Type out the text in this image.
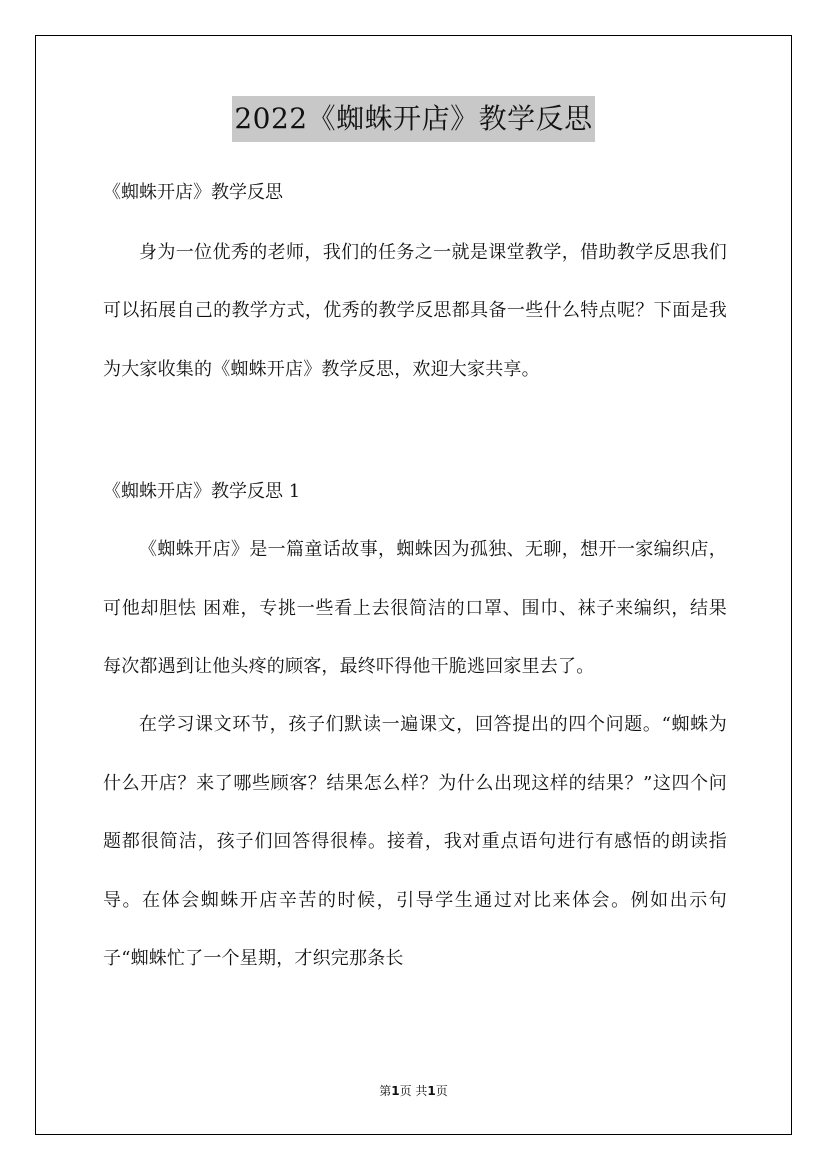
2022《蜘蛛开店》教学反思

《蜘蛛开店》教学反思

身为一位优秀的老师，我们的任务之一就是课堂教学，借助教学反思我们可以拓展自己的教学方式，优秀的教学反思都具备一些什么特点呢？下面是我为大家收集的《蜘蛛开店》教学反思，欢迎大家共享。

《蜘蛛开店》教学反思 1

《蜘蛛开店》是一篇童话故事，蜘蛛因为孤独、无聊，想开一家编织店，可他却胆怯 困难，专挑一些看上去很简洁的口罩、围巾、袜子来编织，结果每次都遇到让他头疼的顾客，最终吓得他干脆逃回家里去了。

在学习课文环节，孩子们默读一遍课文，回答提出的四个问题。“蜘蛛为什么开店？来了哪些顾客？结果怎么样？为什么出现这样的结果？”这四个问题都很简洁，孩子们回答得很棒。接着，我对重点语句进行有感悟的朗读指导。在体会蜘蛛开店辛苦的时候，引导学生通过对比来体会。例如出示句子“蜘蛛忙了一个星期，才织完那条长

第1页 共1页
